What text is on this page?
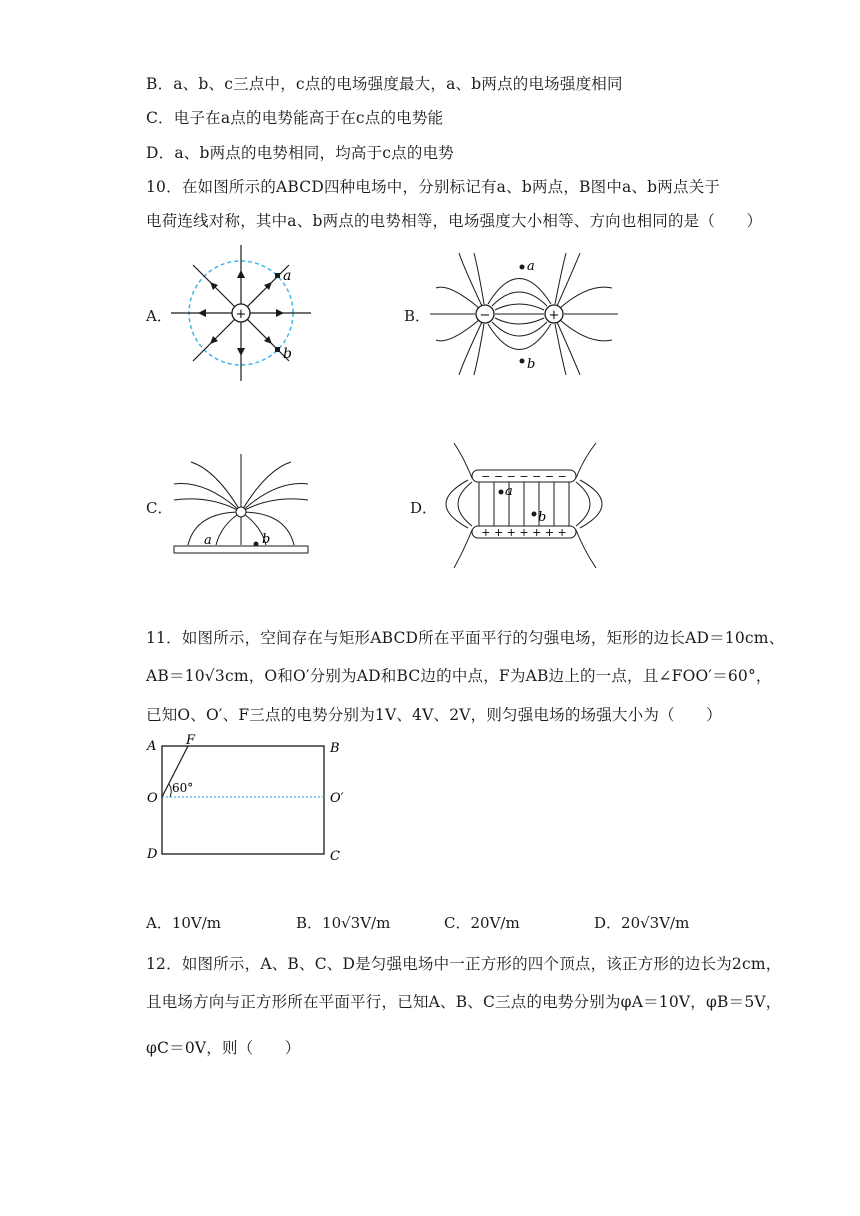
B．a、b、c三点中，c点的电场强度最大，a、b两点的电场强度相同
C．电子在a点的电势能高于在c点的电势能
D．a、b两点的电势相同，均高于c点的电势
10．在如图所示的ABCD四种电场中，分别标记有a、b两点，B图中a、b两点关于
电荷连线对称，其中a、b两点的电势相等，电场强度大小相等、方向也相同的是（　　）
A．	B．
C．	D．
+
a
b
−	+
a
b
a	b
− − − − − − −
+ + + + + + +
a
b
11．如图所示，空间存在与矩形ABCD所在平面平行的匀强电场，矩形的边长AD＝10cm、
AB＝10√3cm，O和O′分别为AD和BC边的中点，F为AB边上的一点，且∠FOO′＝60°，
已知O、O′、F三点的电势分别为1V、4V、2V，则匀强电场的场强大小为（　　）
A F
B
O	O′
60°
D	C
A．10V/m	B．10√3V/m	C．20V/m	D．20√3V/m
12．如图所示，A、B、C、D是匀强电场中一正方形的四个顶点，该正方形的边长为2cm，
且电场方向与正方形所在平面平行，已知A、B、C三点的电势分别为φA＝10V，φB＝5V，
φC＝0V，则（　　）
